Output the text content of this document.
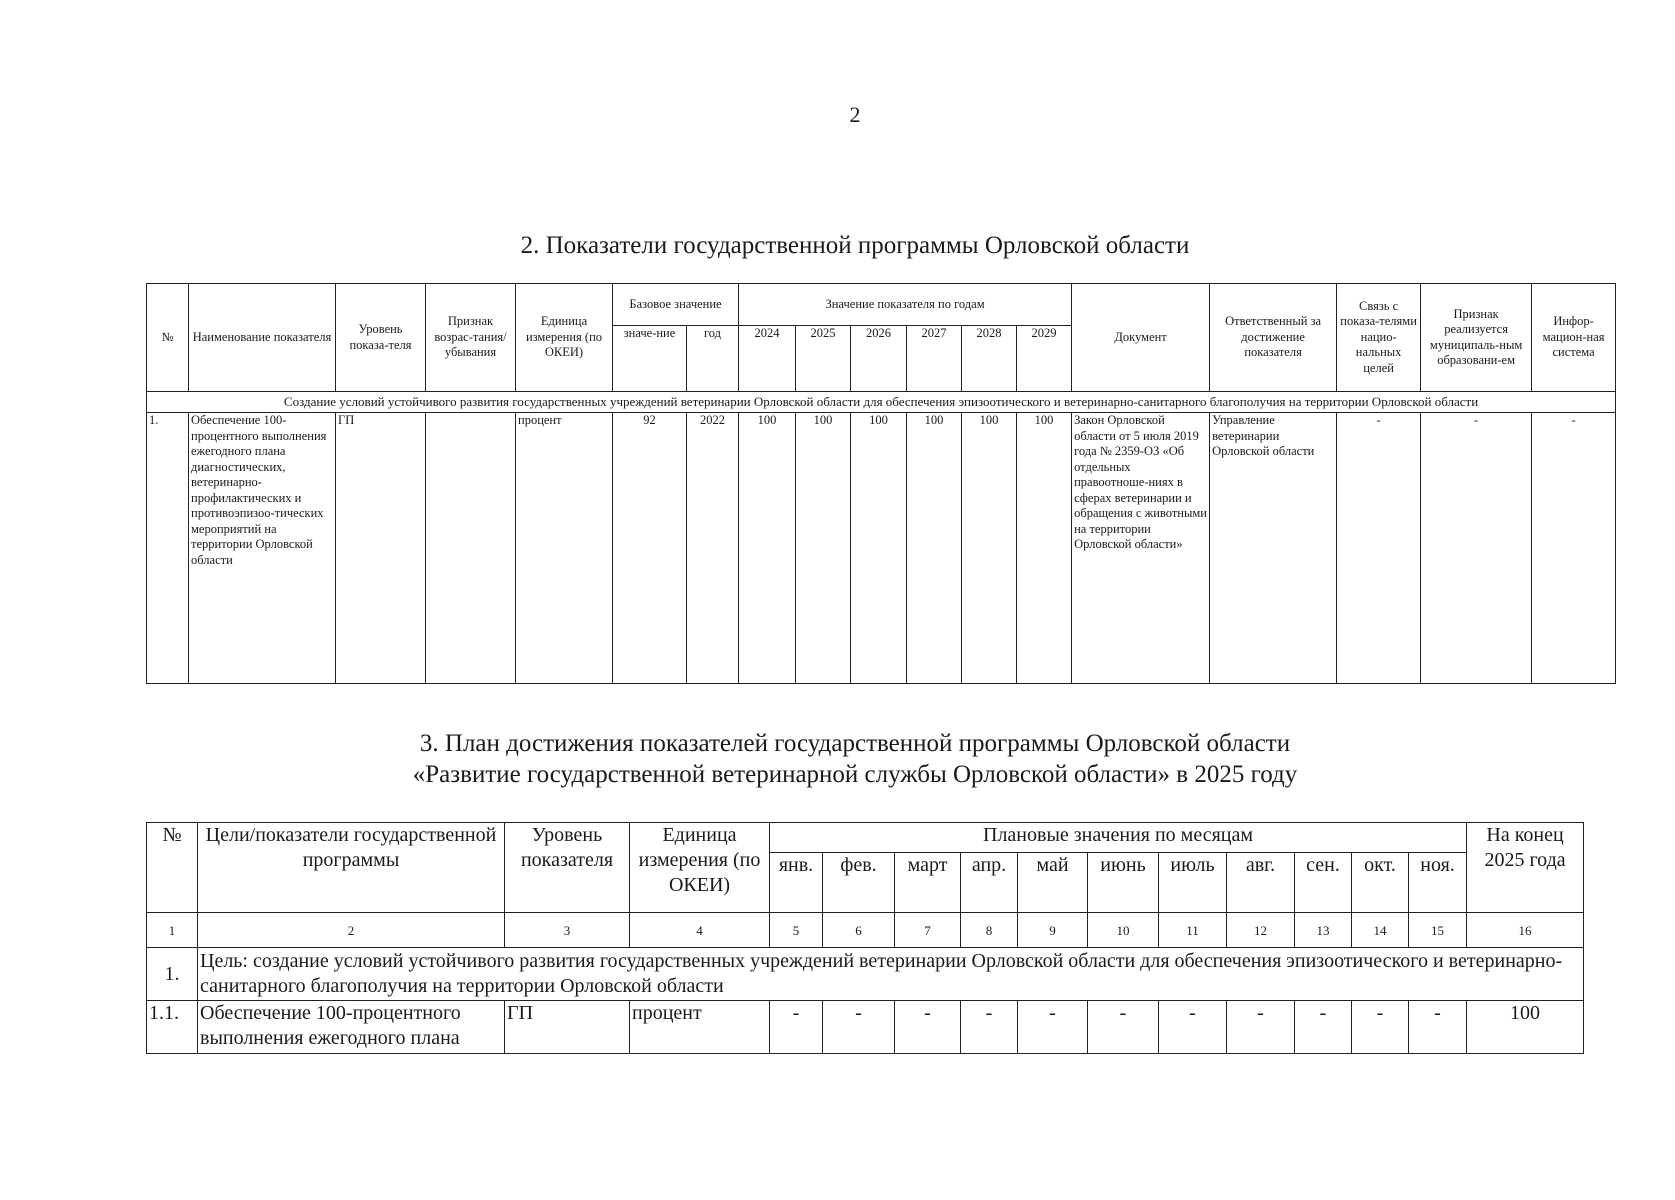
2
2. Показатели государственной программы Орловской области
№	Наименование показателя	Уровень показа-теля	Признак возрас-тания/ убывания	Единица измерения (по ОКЕИ)	Базовое значение		Значение показателя по годам						Документ	Ответственный за достижение показателя	Связь с показа-телями нацио-нальных целей	Признак реализуется муниципаль-ным образовани-ем	Инфор-мацион-ная система
					значе-ние	год	2024	2025	2026	2027	2028	2029					
Создание условий устойчивого развития государственных учреждений ветеринарии Орловской области для обеспечения эпизоотического и ветеринарно-санитарного благополучия на территории Орловской области																	
1.	Обеспечение 100-процентного выполнения ежегодного плана диагностических, ветеринарно-профилактических и противоэпизоо-тических мероприятий на территории Орловской области	ГП		процент	92	2022	100	100	100	100	100	100	Закон Орловской области от 5 июля 2019 года № 2359-ОЗ «Об отдельных правоотноше-ниях в сферах ветеринарии и обращения с животными на территории Орловской области»	Управление ветеринарии Орловской области	-	-	-
3. План достижения показателей государственной программы Орловской области
«Развитие государственной ветеринарной службы Орловской области» в 2025 году
№	Цели/показатели государственной программы	Уровень показателя	Единица измерения (по ОКЕИ)	Плановые значения по месяцам											На конец 2025 года
				янв.	фев.	март	апр.	май	июнь	июль	авг.	сен.	окт.	ноя.	
1	2	3	4	5	6	7	8	9	10	11	12	13	14	15	16
1.	Цель: создание условий устойчивого развития государственных учреждений ветеринарии Орловской области для обеспечения эпизоотического и ветеринарно-санитарного благополучия на территории Орловской области														
1.1.	Обеспечение 100-процентного выполнения ежегодного плана	ГП	процент	-	-	-	-	-	-	-	-	-	-	-	100
